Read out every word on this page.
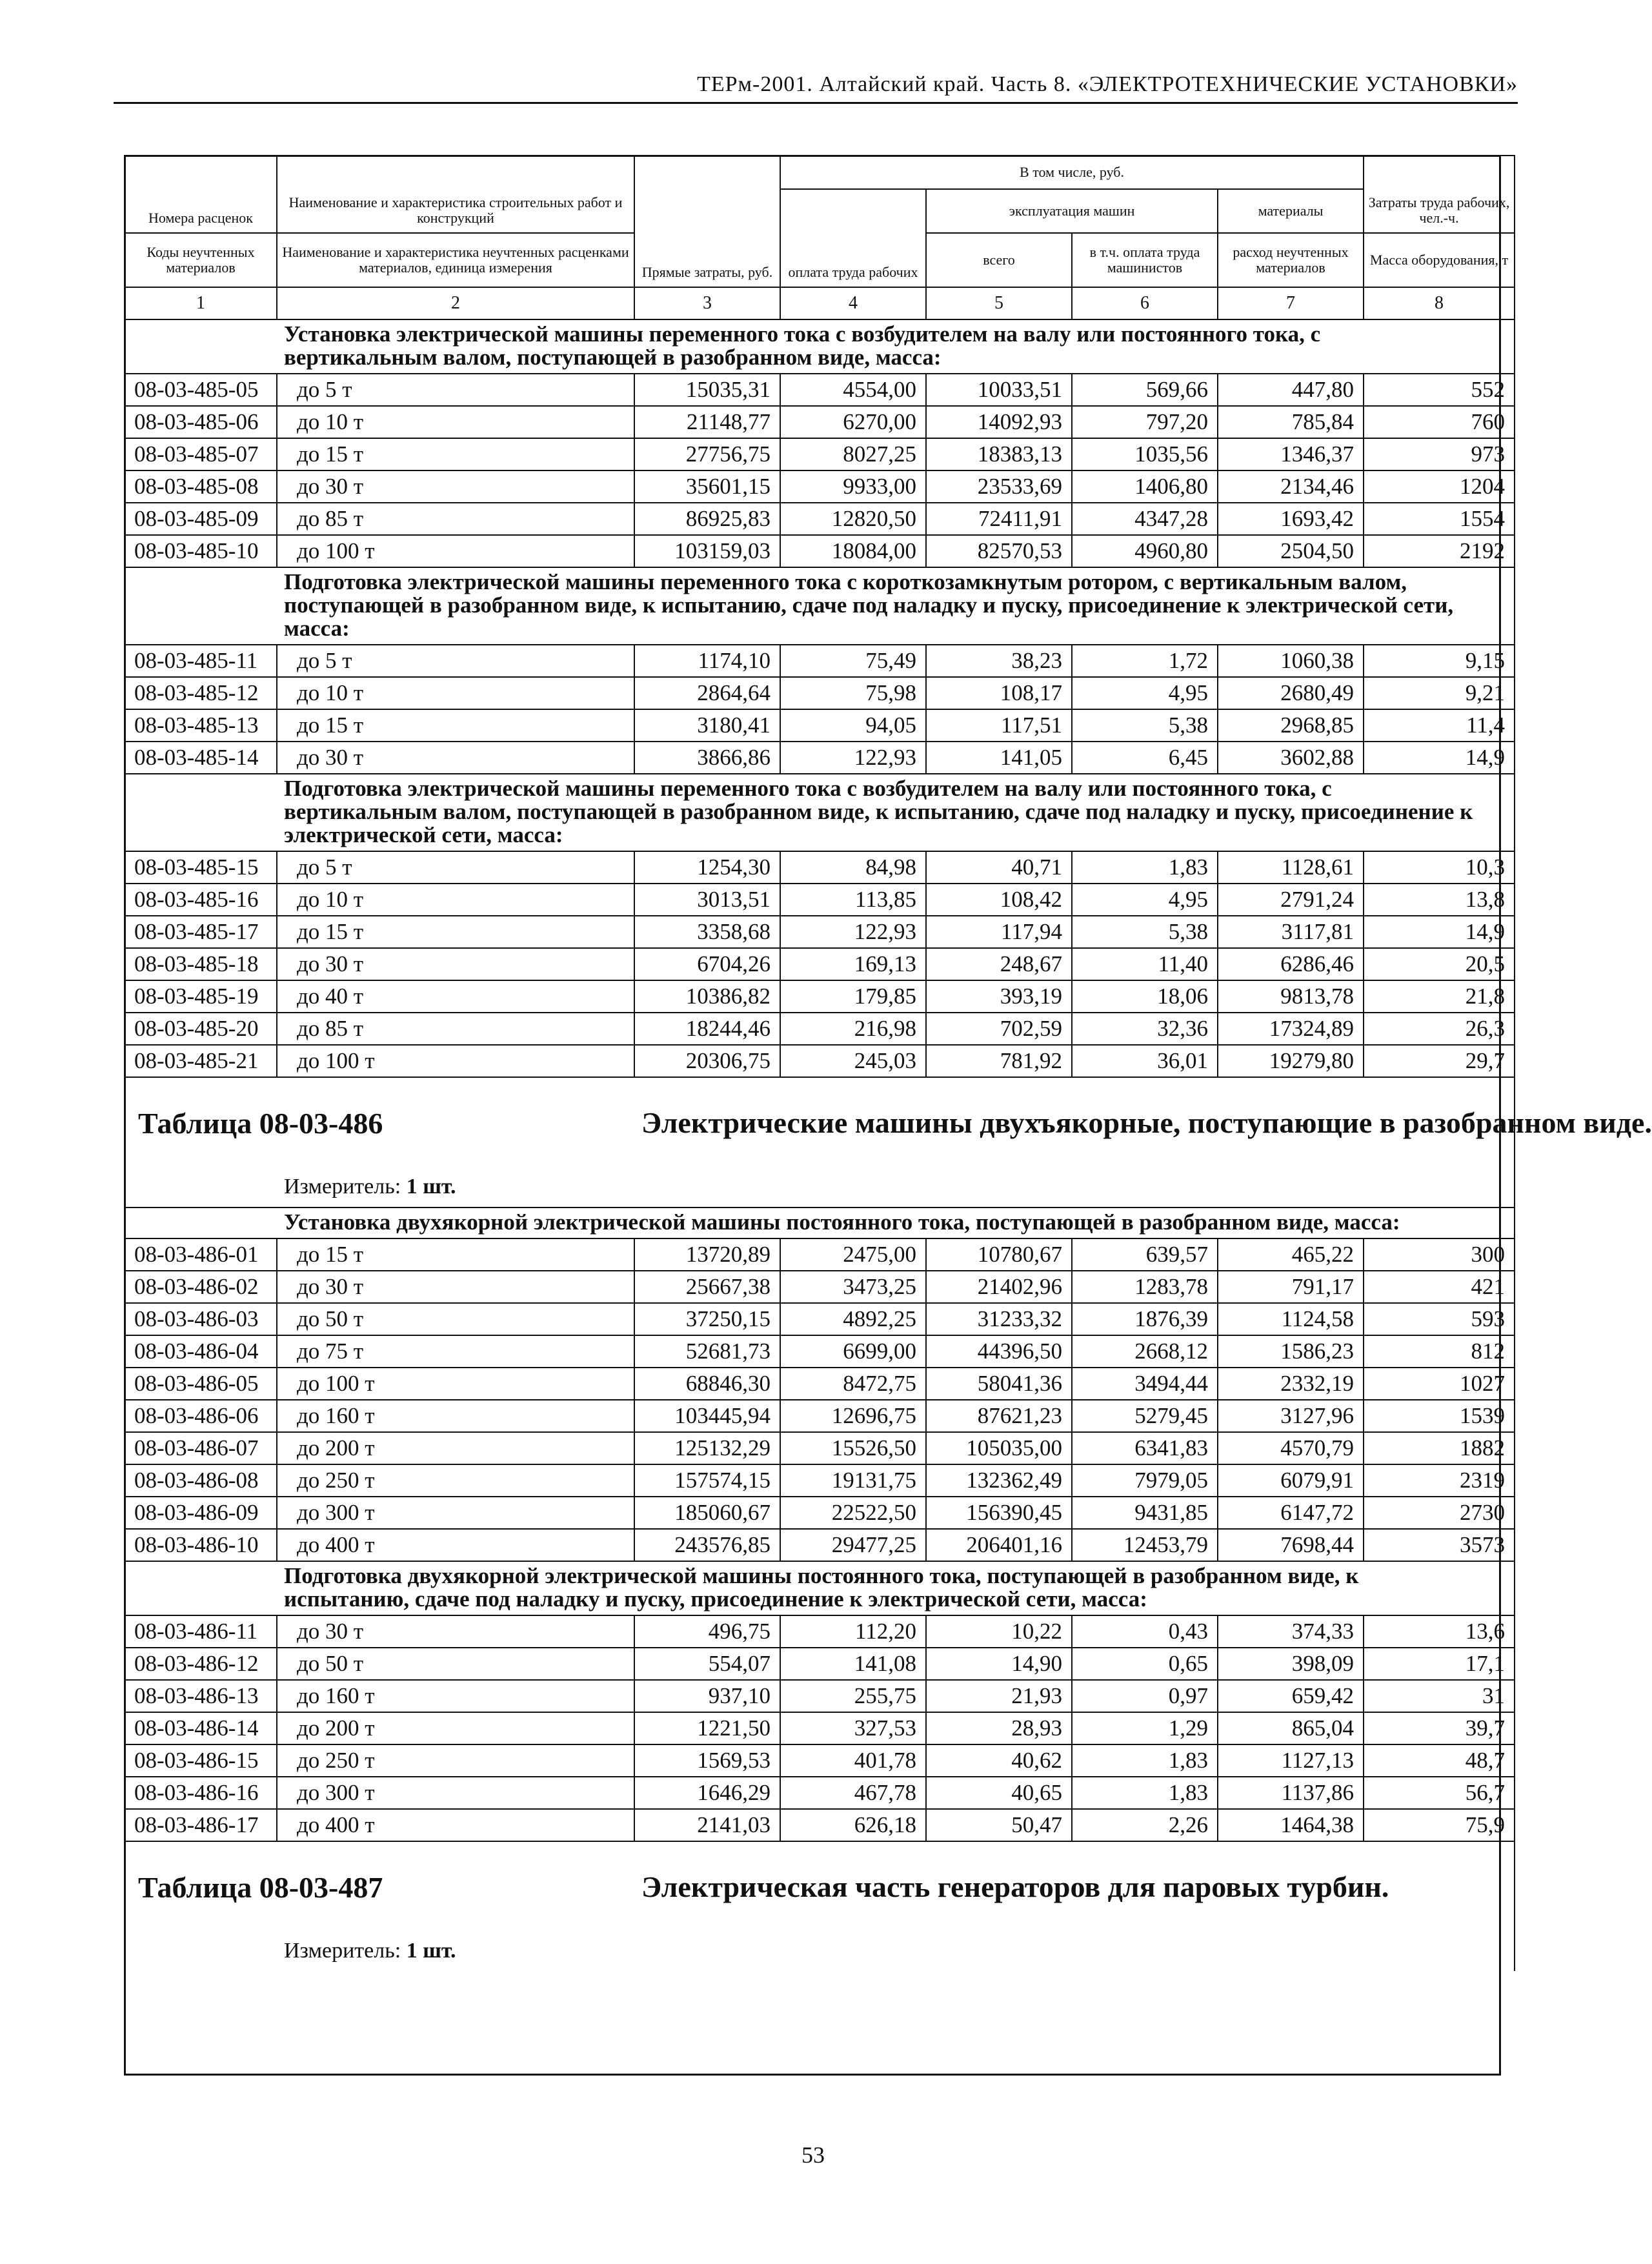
ТЕРм-2001. Алтайский край. Часть 8. «ЭЛЕКТРОТЕХНИЧЕСКИЕ УСТАНОВКИ»
Номера расценок	Наименование и характеристика строительных работ и конструкций	Прямые затраты, руб.	В том числе, руб.				Затраты труда рабочих, чел.-ч.
			оплата труда рабочих	эксплуатация машин		материалы	
Коды неучтенных материалов	Наименование и характеристика неучтенных расценками материалов, единица измерения			всего	в т.ч. оплата труда машинистов	расход неучтенных материалов	Масса оборудования, т
1	2	3	4	5	6	7	8
Установка электрической машины переменного тока с возбудителем на валу или постоянного тока, с вертикальным валом, поступающей в разобранном виде, масса:							
08-03-485-05	до 5 т	15035,31	4554,00	10033,51	569,66	447,80	552
08-03-485-06	до 10 т	21148,77	6270,00	14092,93	797,20	785,84	760
08-03-485-07	до 15 т	27756,75	8027,25	18383,13	1035,56	1346,37	973
08-03-485-08	до 30 т	35601,15	9933,00	23533,69	1406,80	2134,46	1204
08-03-485-09	до 85 т	86925,83	12820,50	72411,91	4347,28	1693,42	1554
08-03-485-10	до 100 т	103159,03	18084,00	82570,53	4960,80	2504,50	2192
Подготовка электрической машины переменного тока с короткозамкнутым ротором, с вертикальным валом, поступающей в разобранном виде, к испытанию, сдаче под наладку и пуску, присоединение к электрической сети, масса:							
08-03-485-11	до 5 т	1174,10	75,49	38,23	1,72	1060,38	9,15
08-03-485-12	до 10 т	2864,64	75,98	108,17	4,95	2680,49	9,21
08-03-485-13	до 15 т	3180,41	94,05	117,51	5,38	2968,85	11,4
08-03-485-14	до 30 т	3866,86	122,93	141,05	6,45	3602,88	14,9
Подготовка электрической машины переменного тока с возбудителем на валу или постоянного тока, с вертикальным валом, поступающей в разобранном виде, к испытанию, сдаче под наладку и пуску, присоединение к электрической сети, масса:							
08-03-485-15	до 5 т	1254,30	84,98	40,71	1,83	1128,61	10,3
08-03-485-16	до 10 т	3013,51	113,85	108,42	4,95	2791,24	13,8
08-03-485-17	до 15 т	3358,68	122,93	117,94	5,38	3117,81	14,9
08-03-485-18	до 30 т	6704,26	169,13	248,67	11,40	6286,46	20,5
08-03-485-19	до 40 т	10386,82	179,85	393,19	18,06	9813,78	21,8
08-03-485-20	до 85 т	18244,46	216,98	702,59	32,36	17324,89	26,3
08-03-485-21	до 100 т	20306,75	245,03	781,92	36,01	19279,80	29,7

Таблица 08-03-486 Электрические машины двухъякорные, поступающие в разобранном виде.
Измеритель: 1 шт.							

Установка двухякорной электрической машины постоянного тока, поступающей в разобранном виде, масса:							
08-03-486-01	до 15 т	13720,89	2475,00	10780,67	639,57	465,22	300
08-03-486-02	до 30 т	25667,38	3473,25	21402,96	1283,78	791,17	421
08-03-486-03	до 50 т	37250,15	4892,25	31233,32	1876,39	1124,58	593
08-03-486-04	до 75 т	52681,73	6699,00	44396,50	2668,12	1586,23	812
08-03-486-05	до 100 т	68846,30	8472,75	58041,36	3494,44	2332,19	1027
08-03-486-06	до 160 т	103445,94	12696,75	87621,23	5279,45	3127,96	1539
08-03-486-07	до 200 т	125132,29	15526,50	105035,00	6341,83	4570,79	1882
08-03-486-08	до 250 т	157574,15	19131,75	132362,49	7979,05	6079,91	2319
08-03-486-09	до 300 т	185060,67	22522,50	156390,45	9431,85	6147,72	2730
08-03-486-10	до 400 т	243576,85	29477,25	206401,16	12453,79	7698,44	3573
Подготовка двухякорной электрической машины постоянного тока, поступающей в разобранном виде, к испытанию, сдаче под наладку и пуску, присоединение к электрической сети, масса:							
08-03-486-11	до 30 т	496,75	112,20	10,22	0,43	374,33	13,6
08-03-486-12	до 50 т	554,07	141,08	14,90	0,65	398,09	17,1
08-03-486-13	до 160 т	937,10	255,75	21,93	0,97	659,42	31
08-03-486-14	до 200 т	1221,50	327,53	28,93	1,29	865,04	39,7
08-03-486-15	до 250 т	1569,53	401,78	40,62	1,83	1127,13	48,7
08-03-486-16	до 300 т	1646,29	467,78	40,65	1,83	1137,86	56,7
08-03-486-17	до 400 т	2141,03	626,18	50,47	2,26	1464,38	75,9

Таблица 08-03-487 Электрическая часть генераторов для паровых турбин.
Измеритель: 1 шт.							
53
